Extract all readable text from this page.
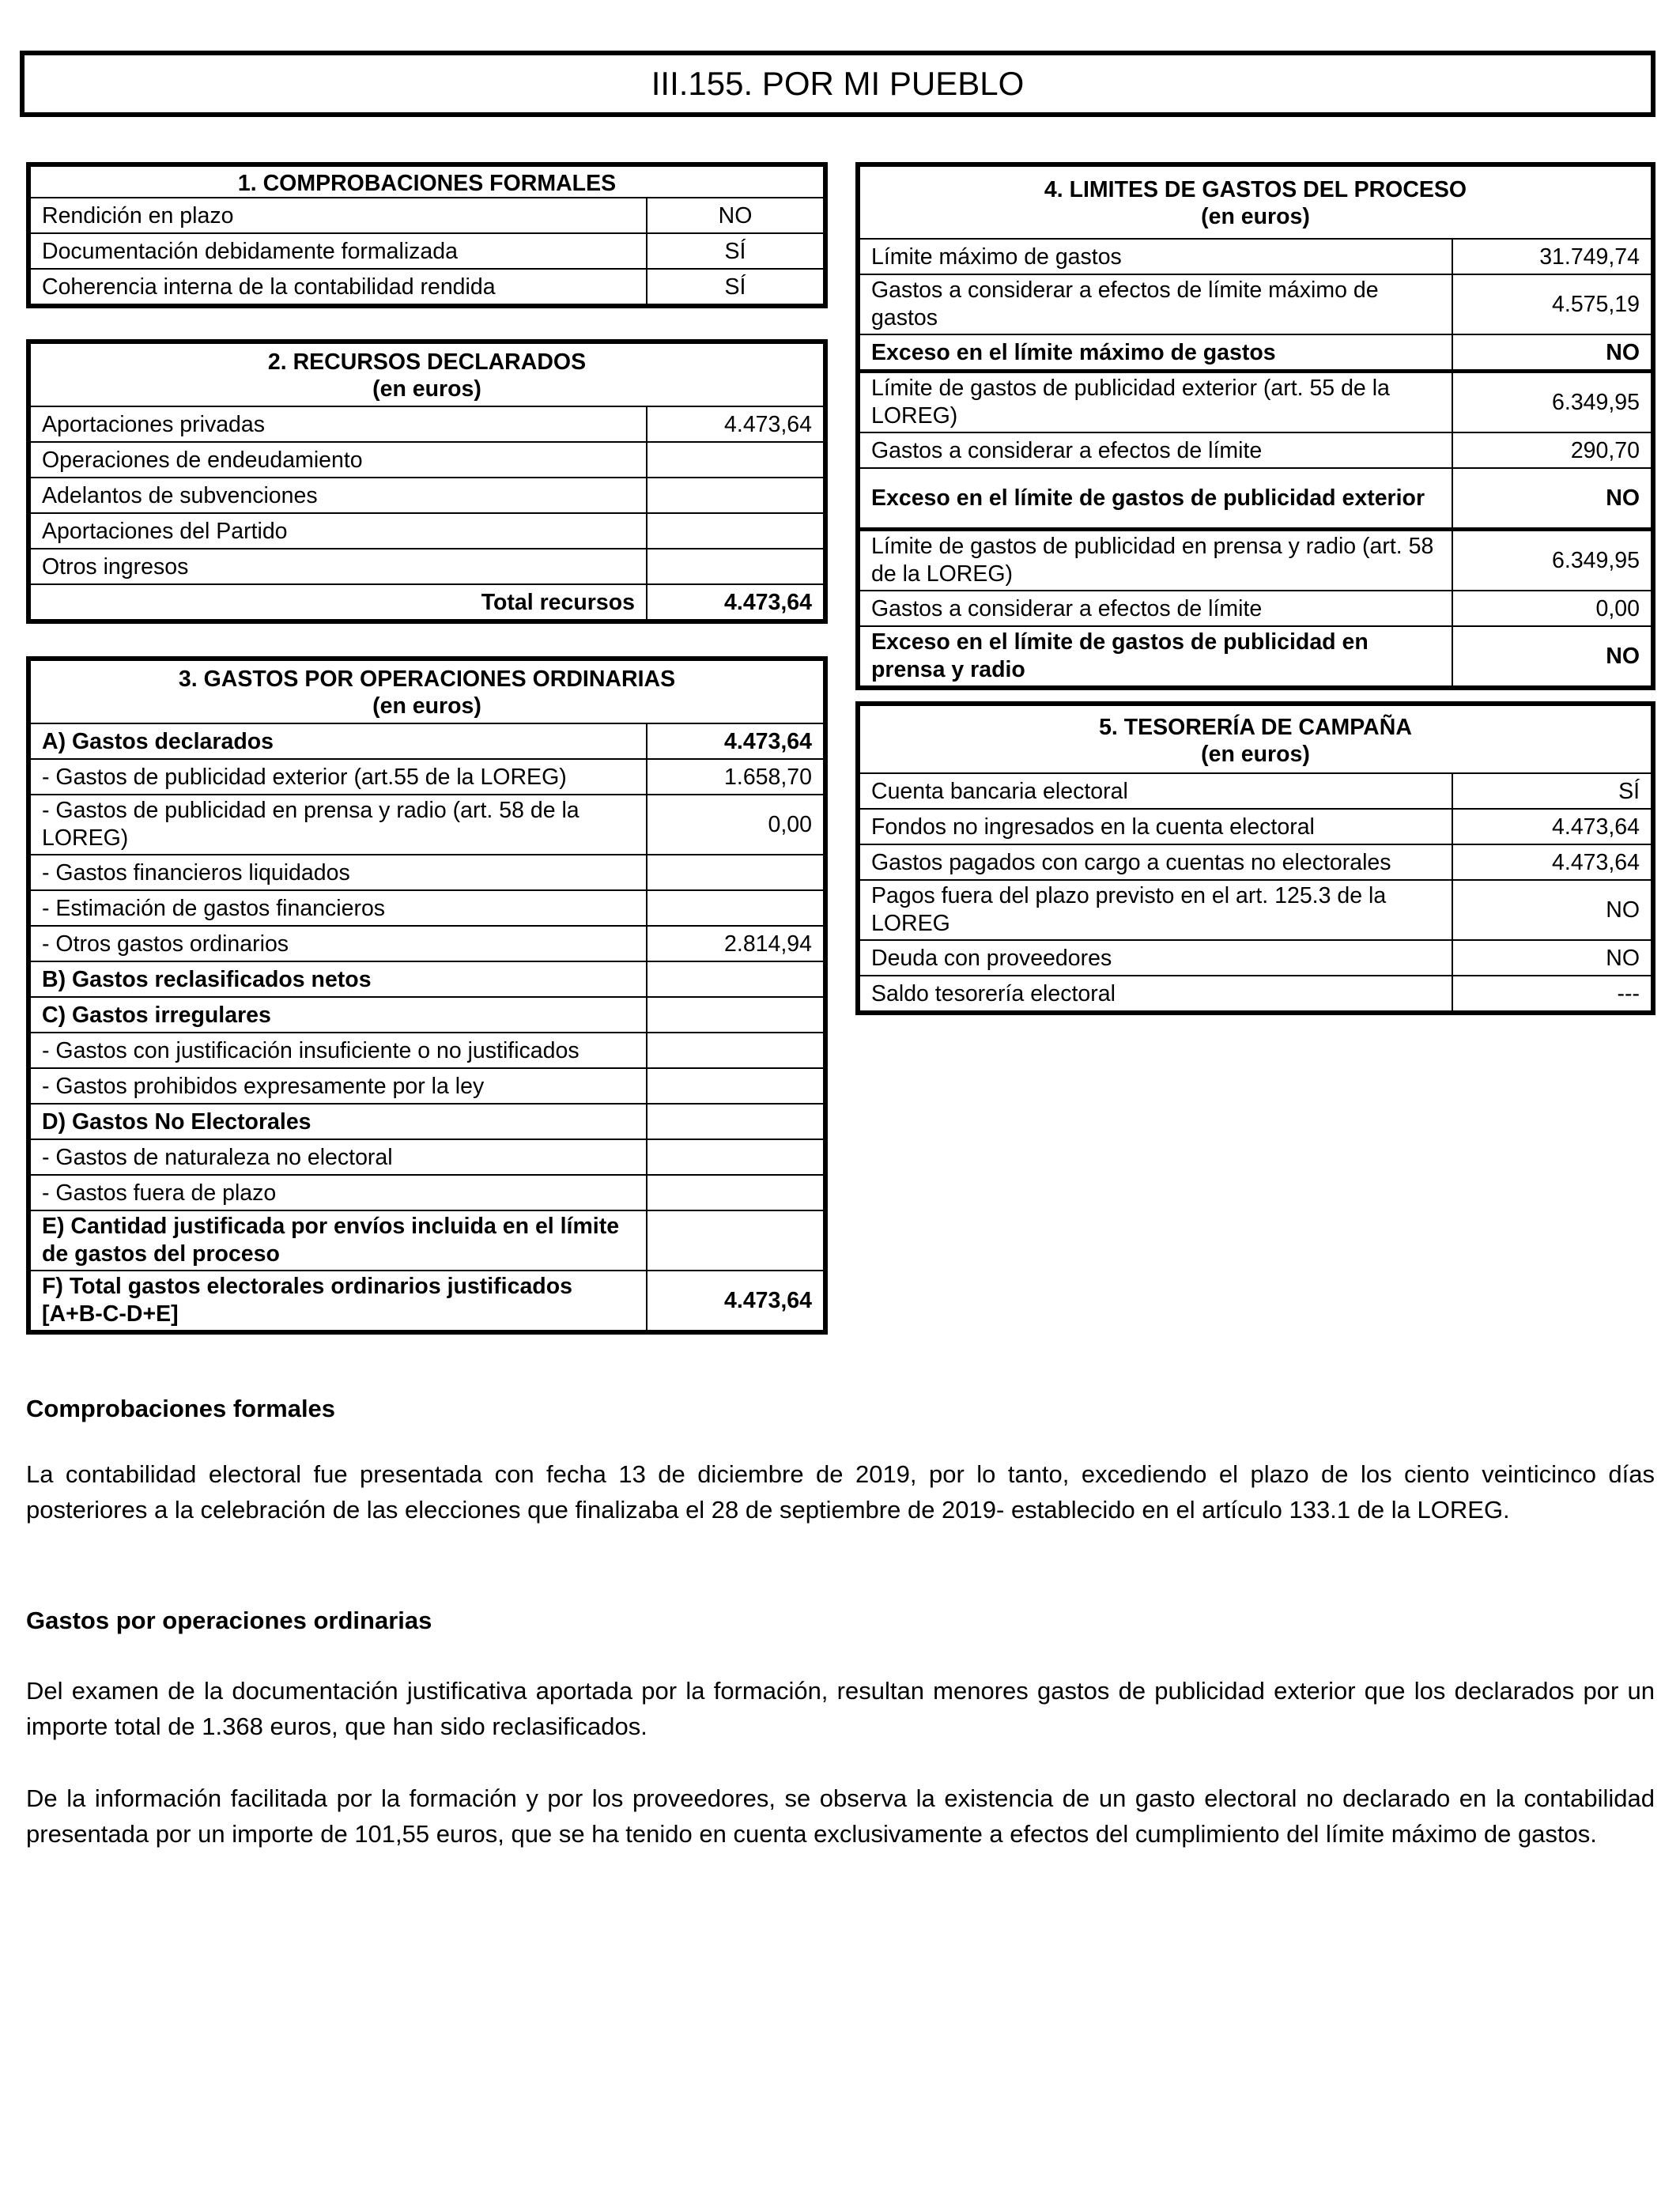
III.155. POR MI PUEBLO
1. COMPROBACIONES FORMALES	
Rendición en plazo	NO
Documentación debidamente formalizada	SÍ
Coherencia interna de la contabilidad rendida	SÍ
2. RECURSOS DECLARADOS
(en euros)	

Aportaciones privadas	4.473,64
Operaciones de endeudamiento	
Adelantos de subvenciones	
Aportaciones del Partido	
Otros ingresos	
Total recursos	4.473,64
3. GASTOS POR OPERACIONES ORDINARIAS
(en euros)	

A) Gastos declarados	4.473,64
- Gastos de publicidad exterior (art.55 de la LOREG)	1.658,70
- Gastos de publicidad en prensa y radio (art. 58 de la LOREG)	0,00
- Gastos financieros liquidados	
- Estimación de gastos financieros	
- Otros gastos ordinarios	2.814,94
B) Gastos reclasificados netos	
C) Gastos irregulares	
- Gastos con justificación insuficiente o no justificados	
- Gastos prohibidos expresamente por la ley	
D) Gastos No Electorales	
- Gastos de naturaleza no electoral	
- Gastos fuera de plazo	
E) Cantidad justificada por envíos incluida en el límite de gastos del proceso	
F) Total gastos electorales ordinarios justificados [A+B-C-D+E]	4.473,64
4. LIMITES DE GASTOS DEL PROCESO
(en euros)	

Límite máximo de gastos	31.749,74
Gastos a considerar a efectos de límite máximo de gastos	4.575,19
Exceso en el límite máximo de gastos	NO
Límite de gastos de publicidad exterior (art. 55 de la LOREG)	6.349,95
Gastos a considerar a efectos de límite	290,70
Exceso en el límite de gastos de publicidad exterior	NO
Límite de gastos de publicidad en prensa y radio (art. 58 de la LOREG)	6.349,95
Gastos a considerar a efectos de límite	0,00
Exceso en el límite de gastos de publicidad en prensa y radio	NO
5. TESORERÍA DE CAMPAÑA
(en euros)	

Cuenta bancaria electoral	SÍ
Fondos no ingresados en la cuenta electoral	4.473,64
Gastos pagados con cargo a cuentas no electorales	4.473,64
Pagos fuera del plazo previsto en el art. 125.3 de la LOREG	NO
Deuda con proveedores	NO
Saldo tesorería electoral	---
Comprobaciones formales

La contabilidad electoral fue presentada con fecha 13 de diciembre de 2019, por lo tanto, excediendo el plazo de los ciento veinticinco días posteriores a la celebración de las elecciones que finalizaba el 28 de septiembre de 2019- establecido en el artículo 133.1 de la LOREG.

Gastos por operaciones ordinarias

Del examen de la documentación justificativa aportada por la formación, resultan menores gastos de publicidad exterior que los declarados por un importe total de 1.368 euros, que han sido reclasificados.

De la información facilitada por la formación y por los proveedores, se observa la existencia de un gasto electoral no declarado en la contabilidad presentada por un importe de 101,55 euros, que se ha tenido en cuenta exclusivamente a efectos del cumplimiento del límite máximo de gastos.
